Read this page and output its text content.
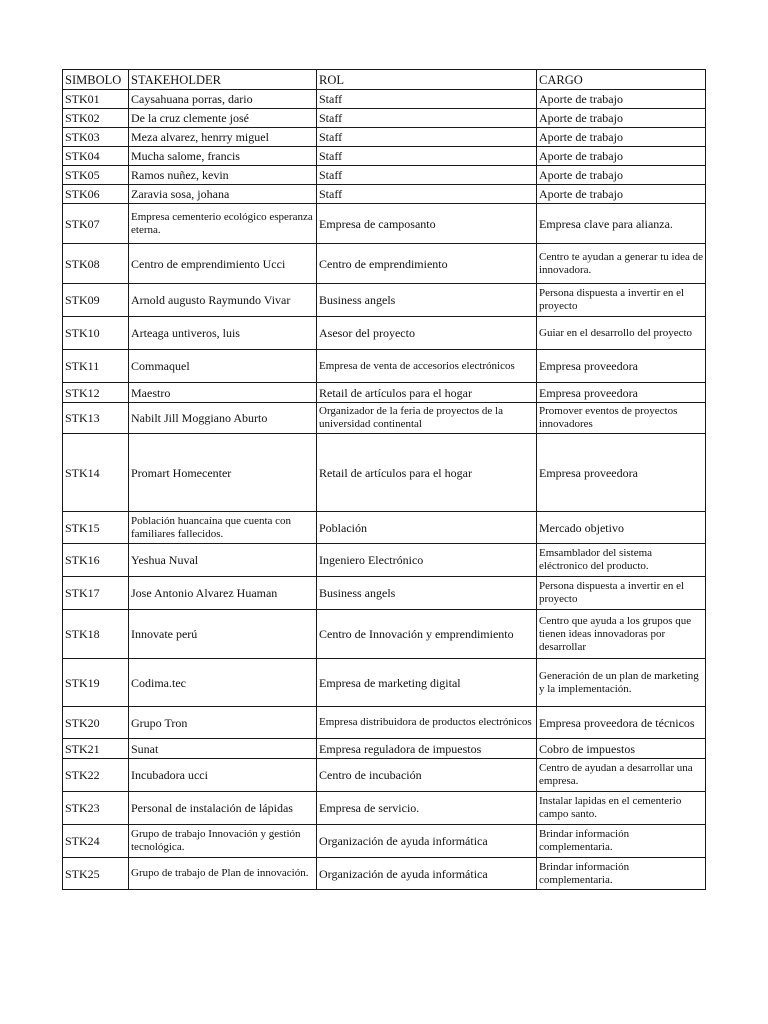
SIMBOLO	STAKEHOLDER	ROL	CARGO
STK01	Caysahuana porras, dario	Staff	Aporte de trabajo
STK02	De la cruz clemente josé	Staff	Aporte de trabajo
STK03	Meza alvarez, henrry miguel	Staff	Aporte de trabajo
STK04	Mucha salome, francis	Staff	Aporte de trabajo
STK05	Ramos nuñez, kevin	Staff	Aporte de trabajo
STK06	Zaravia sosa, johana	Staff	Aporte de trabajo
STK07	Empresa cementerio ecológico esperanza eterna.	Empresa de camposanto	Empresa clave para alianza.
STK08	Centro de emprendimiento Ucci	Centro de emprendimiento	Centro te ayudan a generar tu idea de innovadora.
STK09	Arnold augusto Raymundo Vivar	Business angels	Persona dispuesta a invertir en el proyecto
STK10	Arteaga untiveros, luis	Asesor del proyecto	Guiar en el desarrollo del proyecto
STK11	Commaquel	Empresa de venta de accesorios electrónicos	Empresa proveedora
STK12	Maestro	Retail de artículos para el hogar	Empresa proveedora
STK13	Nabilt Jill Moggiano Aburto	Organizador de la feria de proyectos de la universidad continental	Promover eventos de proyectos innovadores
STK14	Promart Homecenter	Retail de artículos para el hogar	Empresa proveedora
STK15	Población huancaína que cuenta con familiares fallecidos.	Población	Mercado objetivo
STK16	Yeshua Nuval	Ingeniero Electrónico	Emsamblador del sistema eléctronico del producto.
STK17	Jose Antonio Alvarez Huaman	Business angels	Persona dispuesta a invertir en el proyecto
STK18	Innovate perú	Centro de Innovación y emprendimiento	Centro que ayuda a los grupos que tienen ideas innovadoras por desarrollar
STK19	Codima.tec	Empresa de marketing digital	Generación de un plan de marketing y la implementación.
STK20	Grupo Tron	Empresa distribuidora de productos electrónicos	Empresa proveedora de técnicos
STK21	Sunat	Empresa reguladora de impuestos	Cobro de impuestos
STK22	Incubadora ucci	Centro de incubación	Centro de ayudan a desarrollar una empresa.
STK23	Personal de instalación de lápidas	Empresa de servicio.	Instalar lapidas en el cementerio campo santo.
STK24	Grupo de trabajo Innovación y gestión tecnológica.	Organización de ayuda informática	Brindar información complementaria.
STK25	Grupo de trabajo de Plan de innovación.	Organización de ayuda informática	Brindar información complementaria.
